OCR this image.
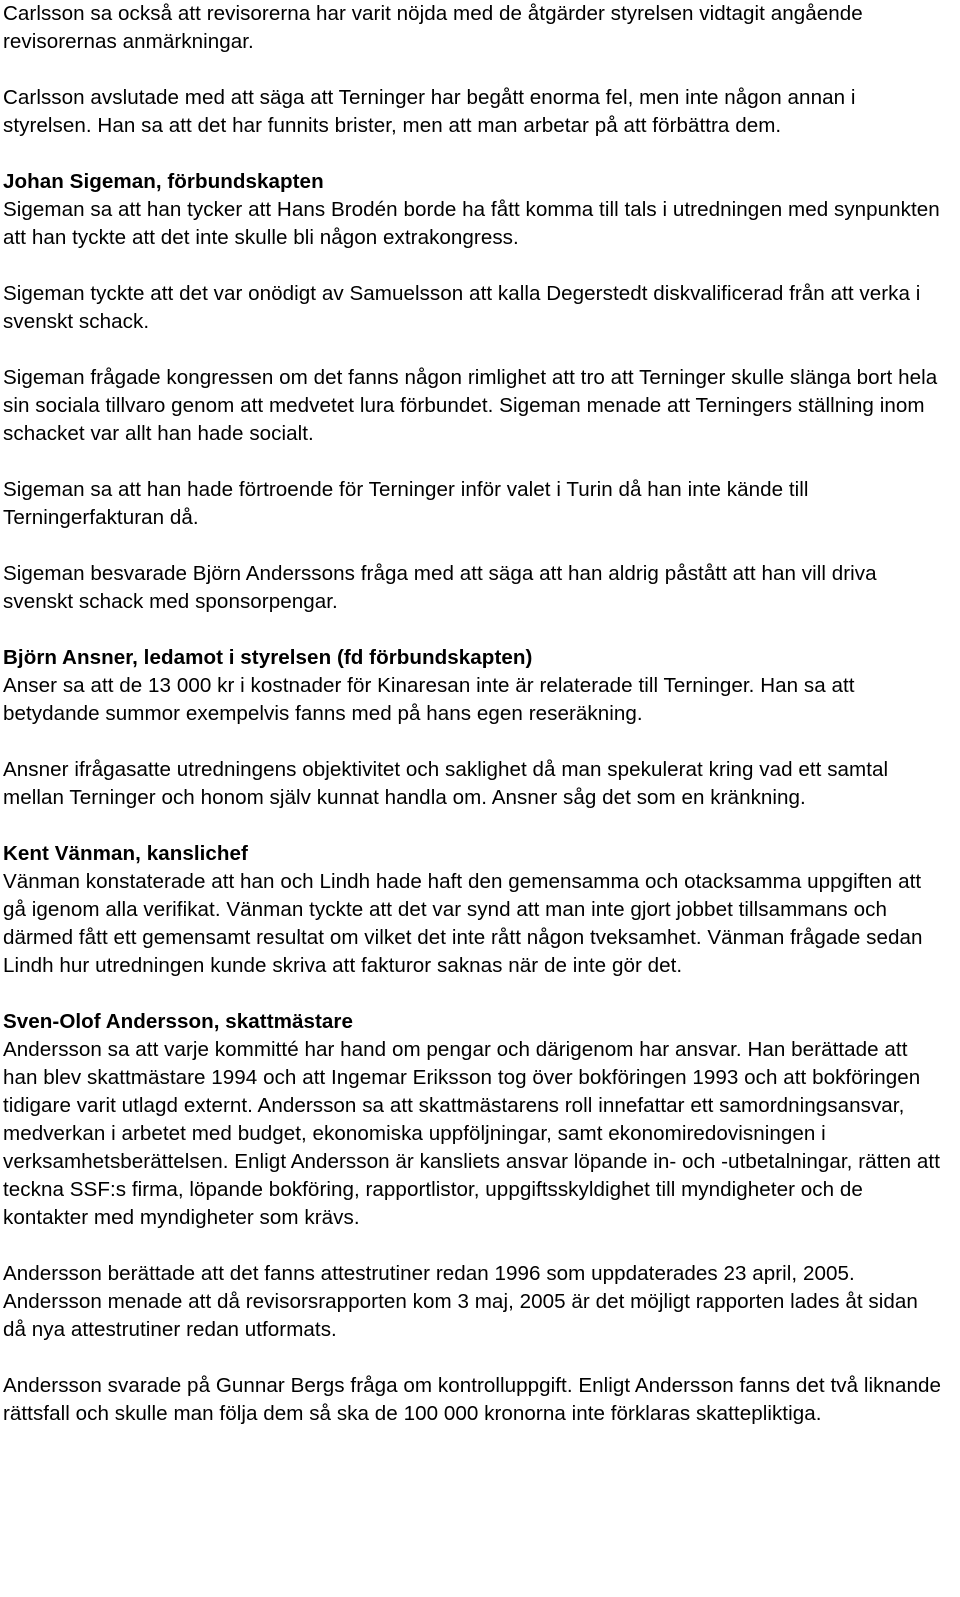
Carlsson sa också att revisorerna har varit nöjda med de åtgärder styrelsen vidtagit angående revisorernas anmärkningar.

Carlsson avslutade med att säga att Terninger har begått enorma fel, men inte någon annan i styrelsen. Han sa att det har funnits brister, men att man arbetar på att förbättra dem.

Johan Sigeman, förbundskapten

Sigeman sa att han tycker att Hans Brodén borde ha fått komma till tals i utredningen med synpunkten att han tyckte att det inte skulle bli någon extrakongress.

Sigeman tyckte att det var onödigt av Samuelsson att kalla Degerstedt diskvalificerad från att verka i svenskt schack.

Sigeman frågade kongressen om det fanns någon rimlighet att tro att Terninger skulle slänga bort hela sin sociala tillvaro genom att medvetet lura förbundet. Sigeman menade att Terningers ställning inom schacket var allt han hade socialt.

Sigeman sa att han hade förtroende för Terninger inför valet i Turin då han inte kände till Terningerfakturan då.

Sigeman besvarade Björn Anderssons fråga med att säga att han aldrig påstått att han vill driva svenskt schack med sponsorpengar.

Björn Ansner, ledamot i styrelsen (fd förbundskapten)

Anser sa att de 13 000 kr i kostnader för Kinaresan inte är relaterade till Terninger. Han sa att betydande summor exempelvis fanns med på hans egen reseräkning.

Ansner ifrågasatte utredningens objektivitet och saklighet då man spekulerat kring vad ett samtal mellan Terninger och honom själv kunnat handla om. Ansner såg det som en kränkning.

Kent Vänman, kanslichef

Vänman konstaterade att han och Lindh hade haft den gemensamma och otacksamma uppgiften att gå igenom alla verifikat. Vänman tyckte att det var synd att man inte gjort jobbet tillsammans och därmed fått ett gemensamt resultat om vilket det inte rått någon tveksamhet. Vänman frågade sedan Lindh hur utredningen kunde skriva att fakturor saknas när de inte gör det.

Sven-Olof Andersson, skattmästare

Andersson sa att varje kommitté har hand om pengar och därigenom har ansvar. Han berättade att han blev skattmästare 1994 och att Ingemar Eriksson tog över bokföringen 1993 och att bokföringen tidigare varit utlagd externt. Andersson sa att skattmästarens roll innefattar ett samordningsansvar, medverkan i arbetet med budget, ekonomiska uppföljningar, samt ekonomiredovisningen i verksamhetsberättelsen. Enligt Andersson är kansliets ansvar löpande in- och -utbetalningar, rätten att teckna SSF:s firma, löpande bokföring, rapportlistor, uppgiftsskyldighet till myndigheter och de kontakter med myndigheter som krävs.

Andersson berättade att det fanns attestrutiner redan 1996 som uppdaterades 23 april, 2005. Andersson menade att då revisorsrapporten kom 3 maj, 2005 är det möjligt rapporten lades åt sidan då nya attestrutiner redan utformats.

Andersson svarade på Gunnar Bergs fråga om kontrolluppgift. Enligt Andersson fanns det två liknande rättsfall och skulle man följa dem så ska de 100 000 kronorna inte förklaras skattepliktiga.
